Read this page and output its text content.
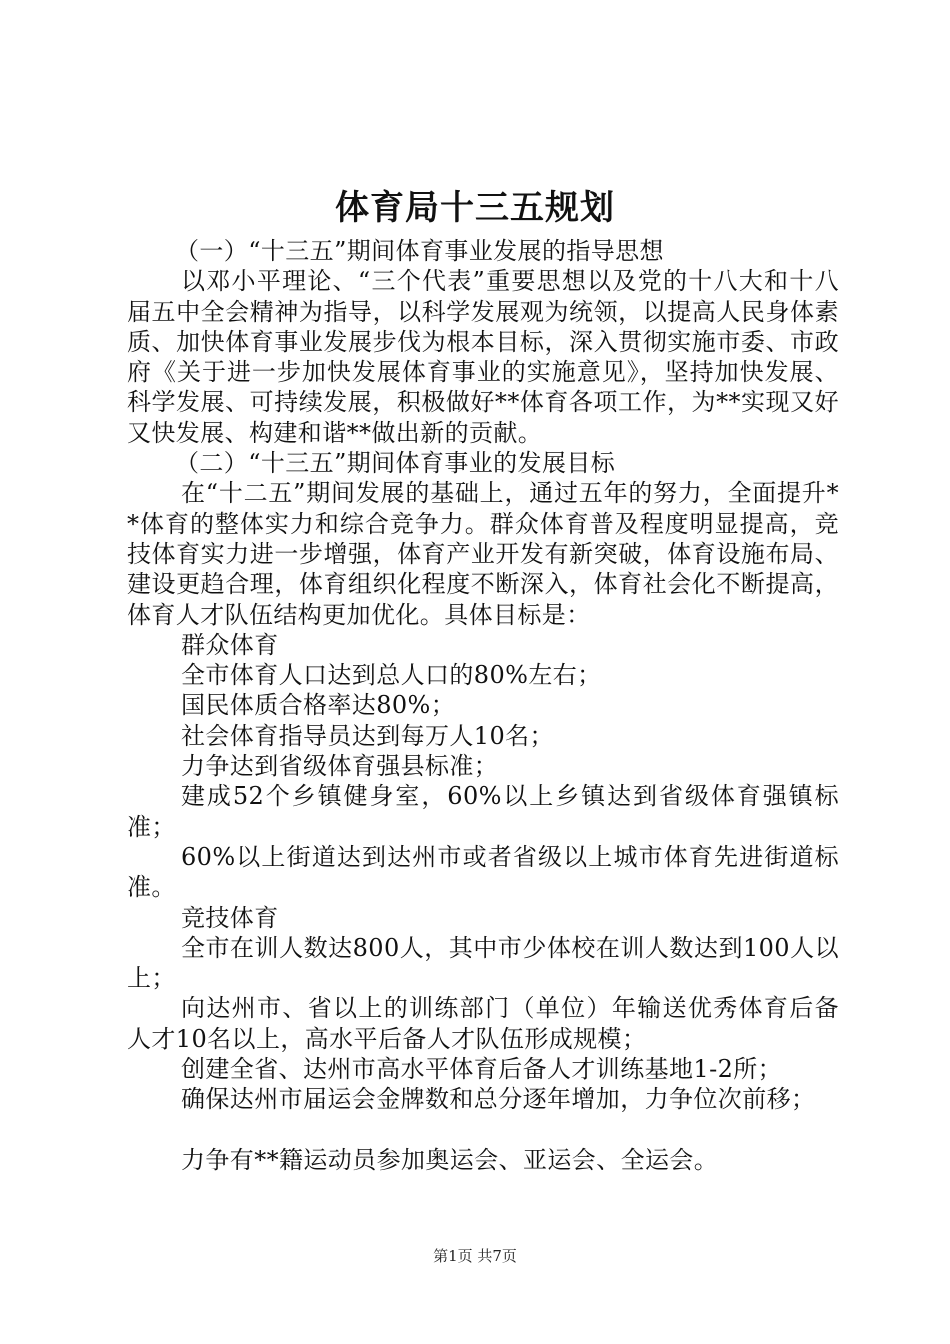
体育局十三五规划

（一）“十三五”期间体育事业发展的指导思想

以邓小平理论、“三个代表”重要思想以及党的十八大和十八届五中全会精神为指导，以科学发展观为统领，以提高人民身体素质、加快体育事业发展步伐为根本目标，深入贯彻实施市委、市政府《关于进一步加快发展体育事业的实施意见》，坚持加快发展、科学发展、可持续发展，积极做好**体育各项工作，为**实现又好又快发展、构建和谐**做出新的贡献。

（二）“十三五”期间体育事业的发展目标

在“十二五”期间发展的基础上，通过五年的努力，全面提升**体育的整体实力和综合竞争力。群众体育普及程度明显提高，竞技体育实力进一步增强，体育产业开发有新突破，体育设施布局、建设更趋合理，体育组织化程度不断深入，体育社会化不断提高，体育人才队伍结构更加优化。具体目标是：

群众体育

全市体育人口达到总人口的80%左右；

国民体质合格率达80%；

社会体育指导员达到每万人10名；

力争达到省级体育强县标准；

建成52个乡镇健身室，60%以上乡镇达到省级体育强镇标准；

60%以上街道达到达州市或者省级以上城市体育先进街道标准。

竞技体育

全市在训人数达800人，其中市少体校在训人数达到100人以上；

向达州市、省以上的训练部门（单位）年输送优秀体育后备人才10名以上，高水平后备人才队伍形成规模；

创建全省、达州市高水平体育后备人才训练基地1-2所；

确保达州市届运会金牌数和总分逐年增加，力争位次前移；

力争有**籍运动员参加奥运会、亚运会、全运会。

第1页 共7页
